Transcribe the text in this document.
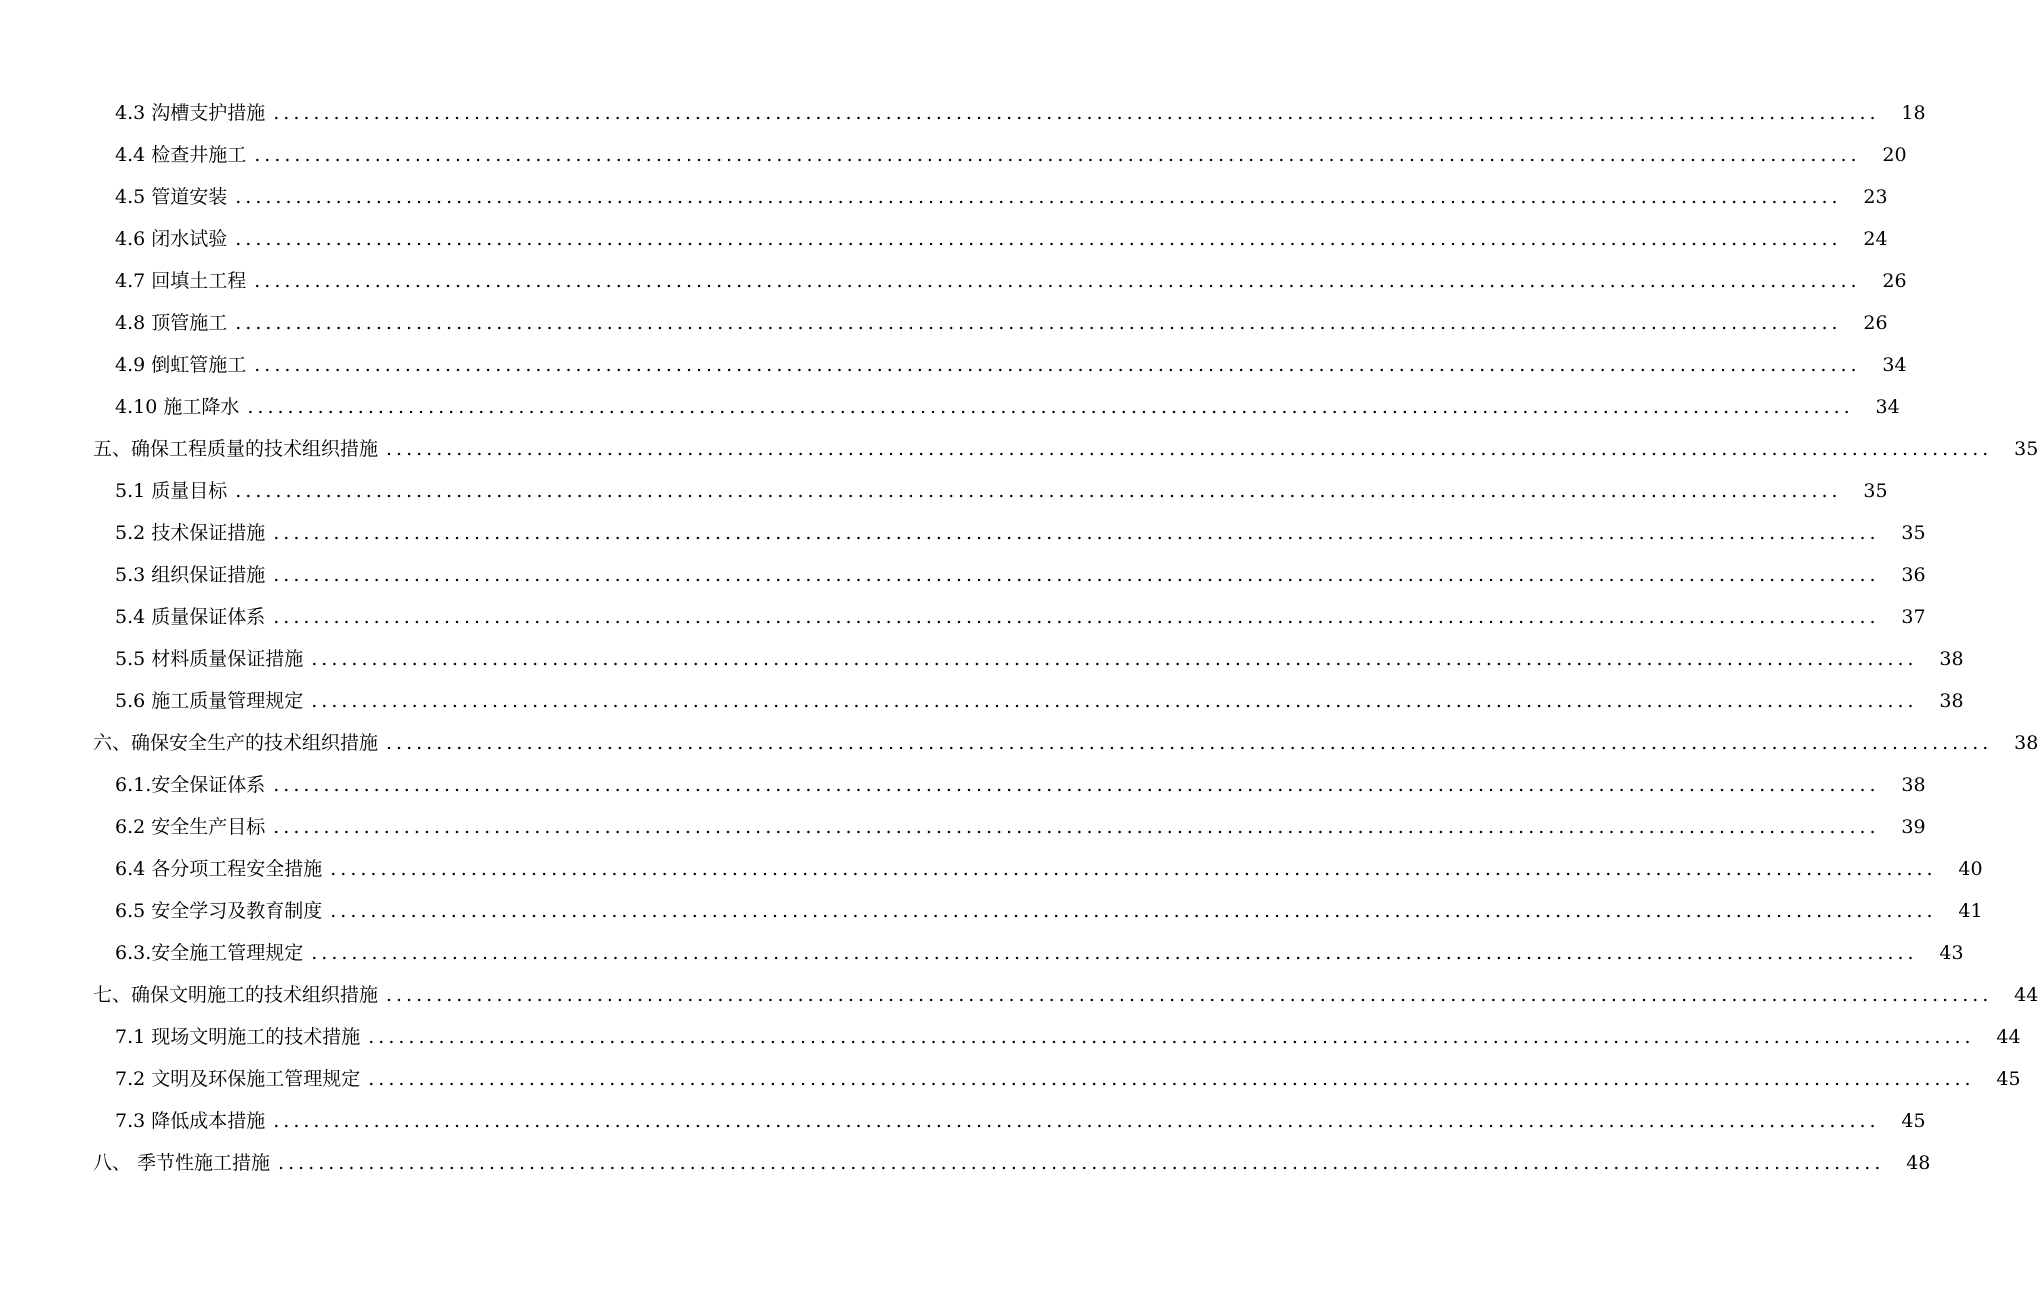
4.3 沟槽支护措施 ................................................................................................................................................................	18
4.4 检查井施工 ................................................................................................................................................................	20
4.5 管道安装 ................................................................................................................................................................	23
4.6 闭水试验 ................................................................................................................................................................	24
4.7 回填土工程 ................................................................................................................................................................	26
4.8 顶管施工 ................................................................................................................................................................	26
4.9 倒虹管施工 ................................................................................................................................................................	34
4.10 施工降水 ................................................................................................................................................................	34
五、确保工程质量的技术组织措施 ................................................................................................................................................................	35
5.1 质量目标 ................................................................................................................................................................	35
5.2 技术保证措施 ................................................................................................................................................................	35
5.3 组织保证措施 ................................................................................................................................................................	36
5.4 质量保证体系 ................................................................................................................................................................	37
5.5 材料质量保证措施 ................................................................................................................................................................	38
5.6 施工质量管理规定 ................................................................................................................................................................	38
六、确保安全生产的技术组织措施 ................................................................................................................................................................	38
6.1.安全保证体系 ................................................................................................................................................................	38
6.2 安全生产目标 ................................................................................................................................................................	39
6.4 各分项工程安全措施 ................................................................................................................................................................	40
6.5 安全学习及教育制度 ................................................................................................................................................................	41
6.3.安全施工管理规定 ................................................................................................................................................................	43
七、确保文明施工的技术组织措施 ................................................................................................................................................................	44
7.1 现场文明施工的技术措施 ................................................................................................................................................................	44
7.2 文明及环保施工管理规定 ................................................................................................................................................................	45
7.3 降低成本措施 ................................................................................................................................................................	45
八、 季节性施工措施 ................................................................................................................................................................	48
